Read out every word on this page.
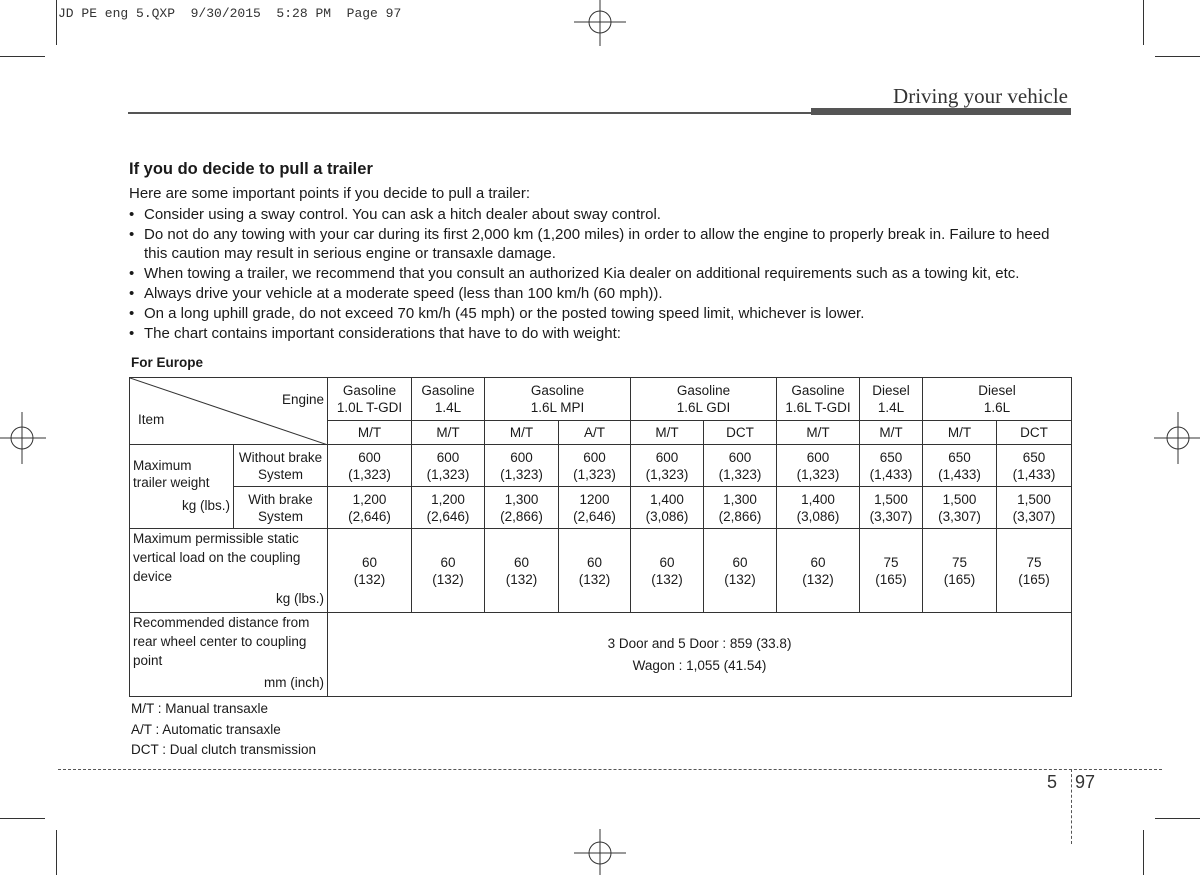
JD PE eng 5.QXP  9/30/2015  5:28 PM  Page 97
Driving your vehicle
If you do decide to pull a trailer

Here are some important points if you decide to pull a trailer:

• Consider using a sway control. You can ask a hitch dealer about sway control.
• Do not do any towing with your car during its first 2,000 km (1,200 miles) in order to allow the engine to properly break in. Failure to heed this caution may result in serious engine or transaxle damage.
• When towing a trailer, we recommend that you consult an authorized Kia dealer on additional requirements such as a towing kit, etc.
• Always drive your vehicle at a moderate speed (less than 100 km/h (60 mph)).
• On a long uphill grade, do not exceed 70 km/h (45 mph) or the posted towing speed limit, whichever is lower.
• The chart contains important considerations that have to do with weight:
For Europe
Engine
Item		Gasoline
1.0L T-GDI	Gasoline
1.4L	Gasoline
1.6L MPI		Gasoline
1.6L GDI		Gasoline
1.6L T-GDI	Diesel
1.4L	Diesel
1.6L	

		M/T	M/T	M/T	A/T	M/T	DCT	M/T	M/T	M/T	DCT

Maximum
trailer weight
kg (lbs.)	Without brake
System	600
(1,323)	600
(1,323)	600
(1,323)	600
(1,323)	600
(1,323)	600
(1,323)	600
(1,323)	650
(1,433)	650
(1,433)	650
(1,433)

	With brake
System	1,200
(2,646)	1,200
(2,646)	1,300
(2,866)	1200
(2,646)	1,400
(3,086)	1,300
(2,866)	1,400
(3,086)	1,500
(3,307)	1,500
(3,307)	1,500
(3,307)

Maximum permissible static
vertical load on the coupling
device
kg (lbs.)		60
(132)	60
(132)	60
(132)	60
(132)	60
(132)	60
(132)	60
(132)	75
(165)	75
(165)	75
(165)

Recommended distance from
rear wheel center to coupling
point
mm (inch)		3 Door and 5 Door : 859 (33.8)
Wagon : 1,055 (41.54)									
M/T : Manual transaxle
A/T : Automatic transaxle
DCT : Dual clutch transmission
5 97
